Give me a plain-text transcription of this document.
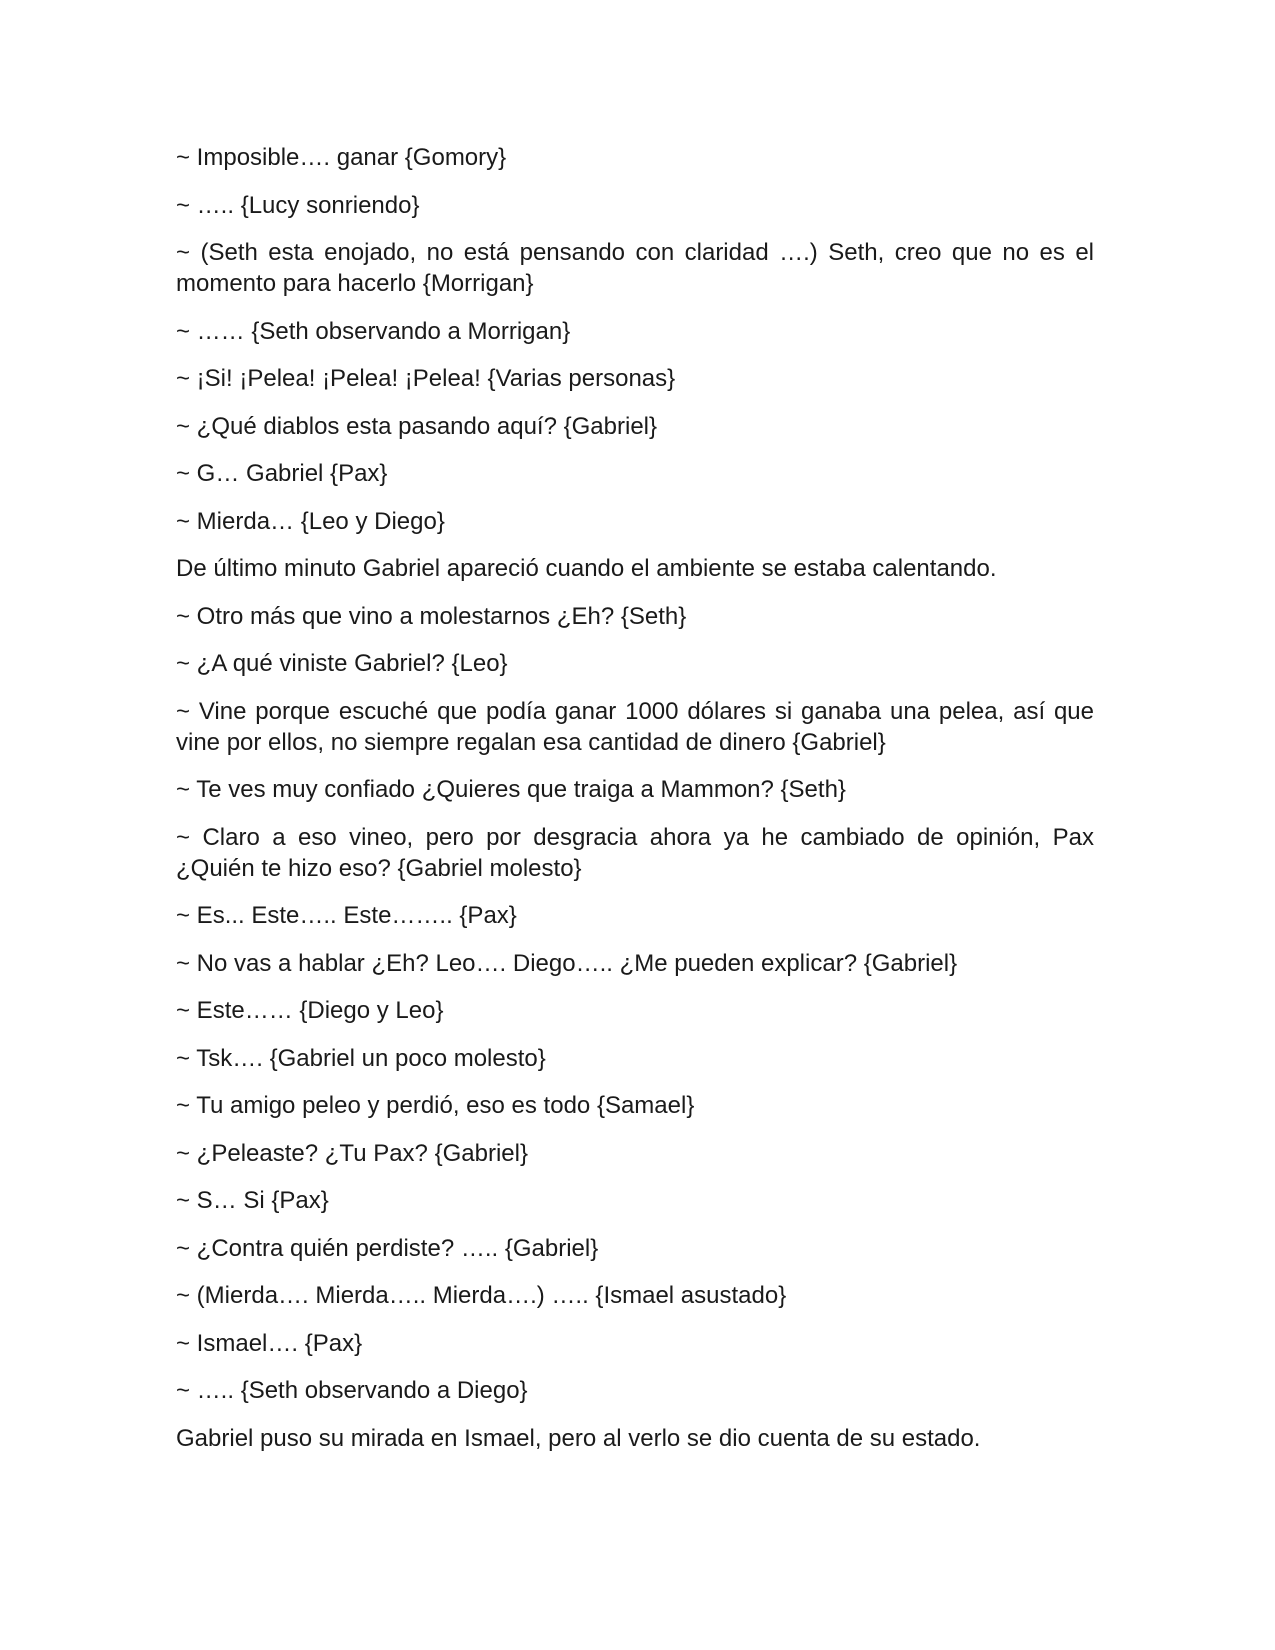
~ Imposible…. ganar {Gomory}

~ ….. {Lucy sonriendo}

~ (Seth esta enojado, no está pensando con claridad ….) Seth, creo que no es el momento para hacerlo {Morrigan}

~ …… {Seth observando a Morrigan}

~ ¡Si! ¡Pelea! ¡Pelea! ¡Pelea! {Varias personas}

~ ¿Qué diablos esta pasando aquí? {Gabriel}

~ G… Gabriel {Pax}

~ Mierda… {Leo y Diego}

De último minuto Gabriel apareció cuando el ambiente se estaba calentando.

~ Otro más que vino a molestarnos ¿Eh? {Seth}

~ ¿A qué viniste Gabriel? {Leo}

~ Vine porque escuché que podía ganar 1000 dólares si ganaba una pelea, así que vine por ellos, no siempre regalan esa cantidad de dinero {Gabriel}

~ Te ves muy confiado ¿Quieres que traiga a Mammon? {Seth}

~ Claro a eso vineo, pero por desgracia ahora ya he cambiado de opinión, Pax ¿Quién te hizo eso? {Gabriel molesto}

~ Es... Este….. Este…….. {Pax}

~ No vas a hablar ¿Eh? Leo…. Diego….. ¿Me pueden explicar? {Gabriel}

~ Este…… {Diego y Leo}

~ Tsk…. {Gabriel un poco molesto}

~ Tu amigo peleo y perdió, eso es todo {Samael}

~ ¿Peleaste? ¿Tu Pax? {Gabriel}

~ S… Si {Pax}

~ ¿Contra quién perdiste? ….. {Gabriel}

~ (Mierda…. Mierda….. Mierda….) ….. {Ismael asustado}

~ Ismael…. {Pax}

~ ….. {Seth observando a Diego}

Gabriel puso su mirada en Ismael, pero al verlo se dio cuenta de su estado.
